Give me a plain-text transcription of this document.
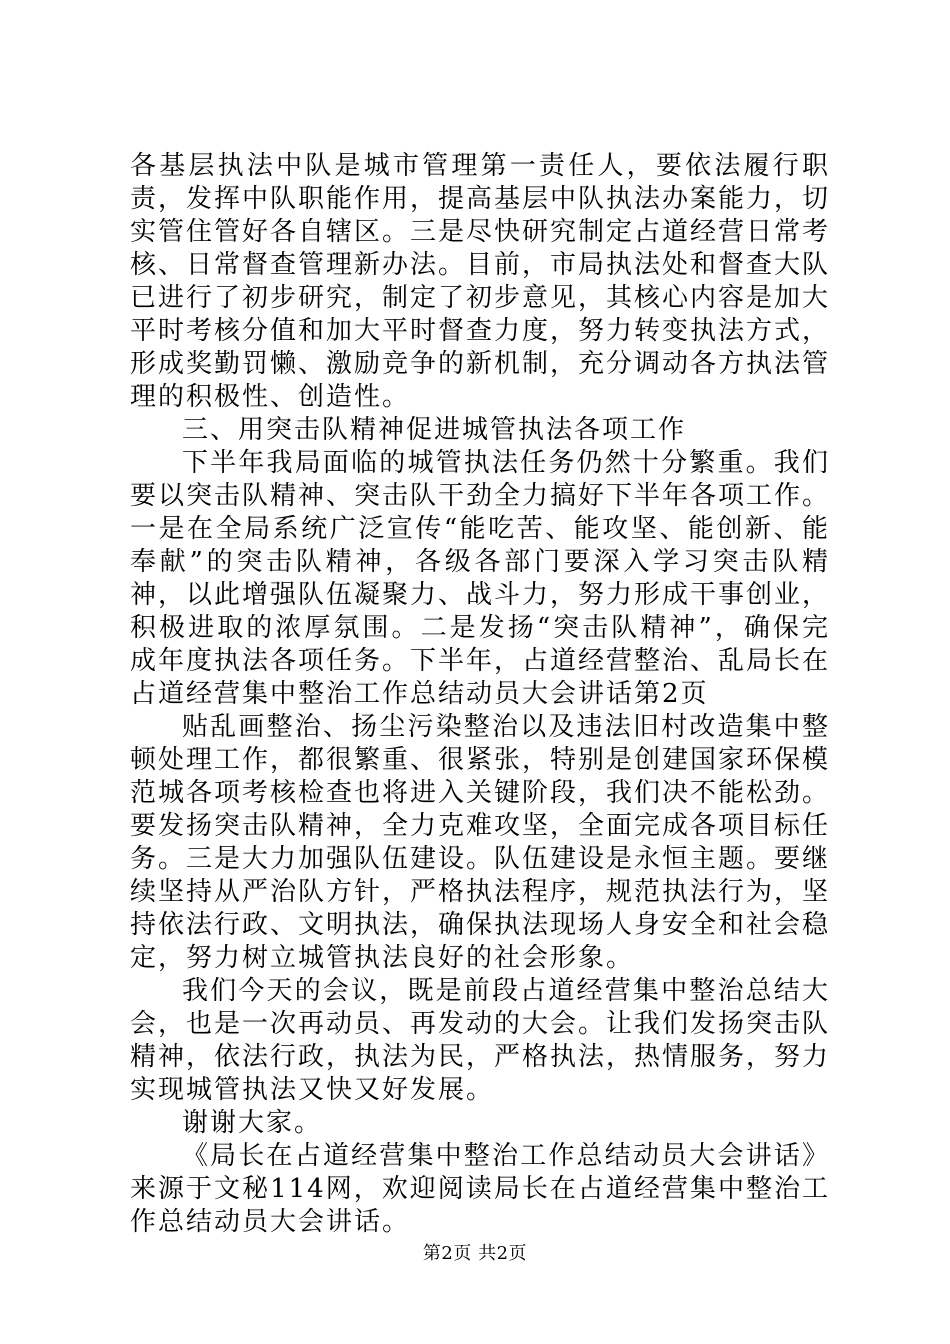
各基层执法中队是城市管理第一责任人，要依法履行职责，发挥中队职能作用，提高基层中队执法办案能力，切实管住管好各自辖区。三是尽快研究制定占道经营日常考核、日常督查管理新办法。目前，市局执法处和督查大队已进行了初步研究，制定了初步意见，其核心内容是加大平时考核分值和加大平时督查力度，努力转变执法方式，形成奖勤罚懒、激励竞争的新机制，充分调动各方执法管理的积极性、创造性。

三、用突击队精神促进城管执法各项工作

下半年我局面临的城管执法任务仍然十分繁重。我们要以突击队精神、突击队干劲全力搞好下半年各项工作。一是在全局系统广泛宣传“能吃苦、能攻坚、能创新、能奉献”的突击队精神，各级各部门要深入学习突击队精神，以此增强队伍凝聚力、战斗力，努力形成干事创业，积极进取的浓厚氛围。二是发扬“突击队精神”，确保完成年度执法各项任务。下半年，占道经营整治、乱局长在占道经营集中整治工作总结动员大会讲话第2页

贴乱画整治、扬尘污染整治以及违法旧村改造集中整顿处理工作，都很繁重、很紧张，特别是创建国家环保模范城各项考核检查也将进入关键阶段，我们决不能松劲。要发扬突击队精神，全力克难攻坚，全面完成各项目标任务。三是大力加强队伍建设。队伍建设是永恒主题。要继续坚持从严治队方针，严格执法程序，规范执法行为，坚持依法行政、文明执法，确保执法现场人身安全和社会稳定，努力树立城管执法良好的社会形象。

我们今天的会议，既是前段占道经营集中整治总结大会，也是一次再动员、再发动的大会。让我们发扬突击队精神，依法行政，执法为民，严格执法，热情服务，努力实现城管执法又快又好发展。

谢谢大家。

《局长在占道经营集中整治工作总结动员大会讲话》来源于文秘114网，欢迎阅读局长在占道经营集中整治工作总结动员大会讲话。

第2页 共2页
